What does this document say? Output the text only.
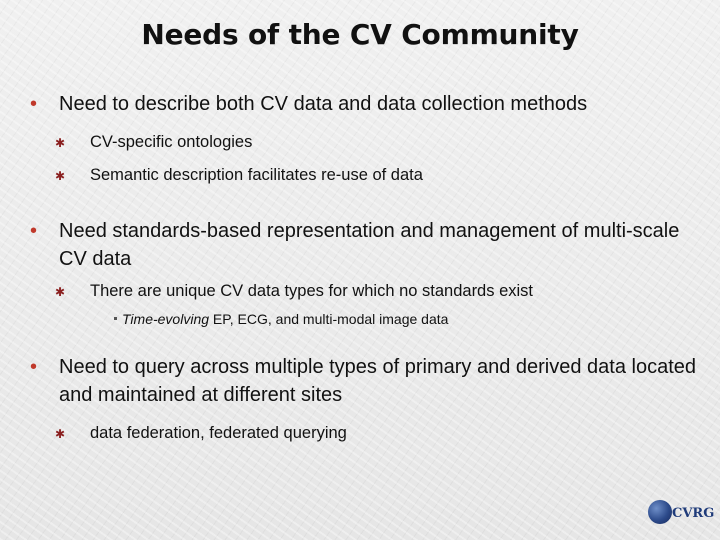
Needs of the CV Community
• Need to describe both CV data and data collection methods
✱ CV-specific ontologies
✱ Semantic description facilitates re-use of data
• Need standards-based representation and management of multi-scale CV data
✱ There are unique CV data types for which no standards exist
Time-evolving EP, ECG, and multi-modal image data
• Need to query across multiple types of primary and derived data located and maintained at different sites
✱ data federation, federated querying
CVRG
